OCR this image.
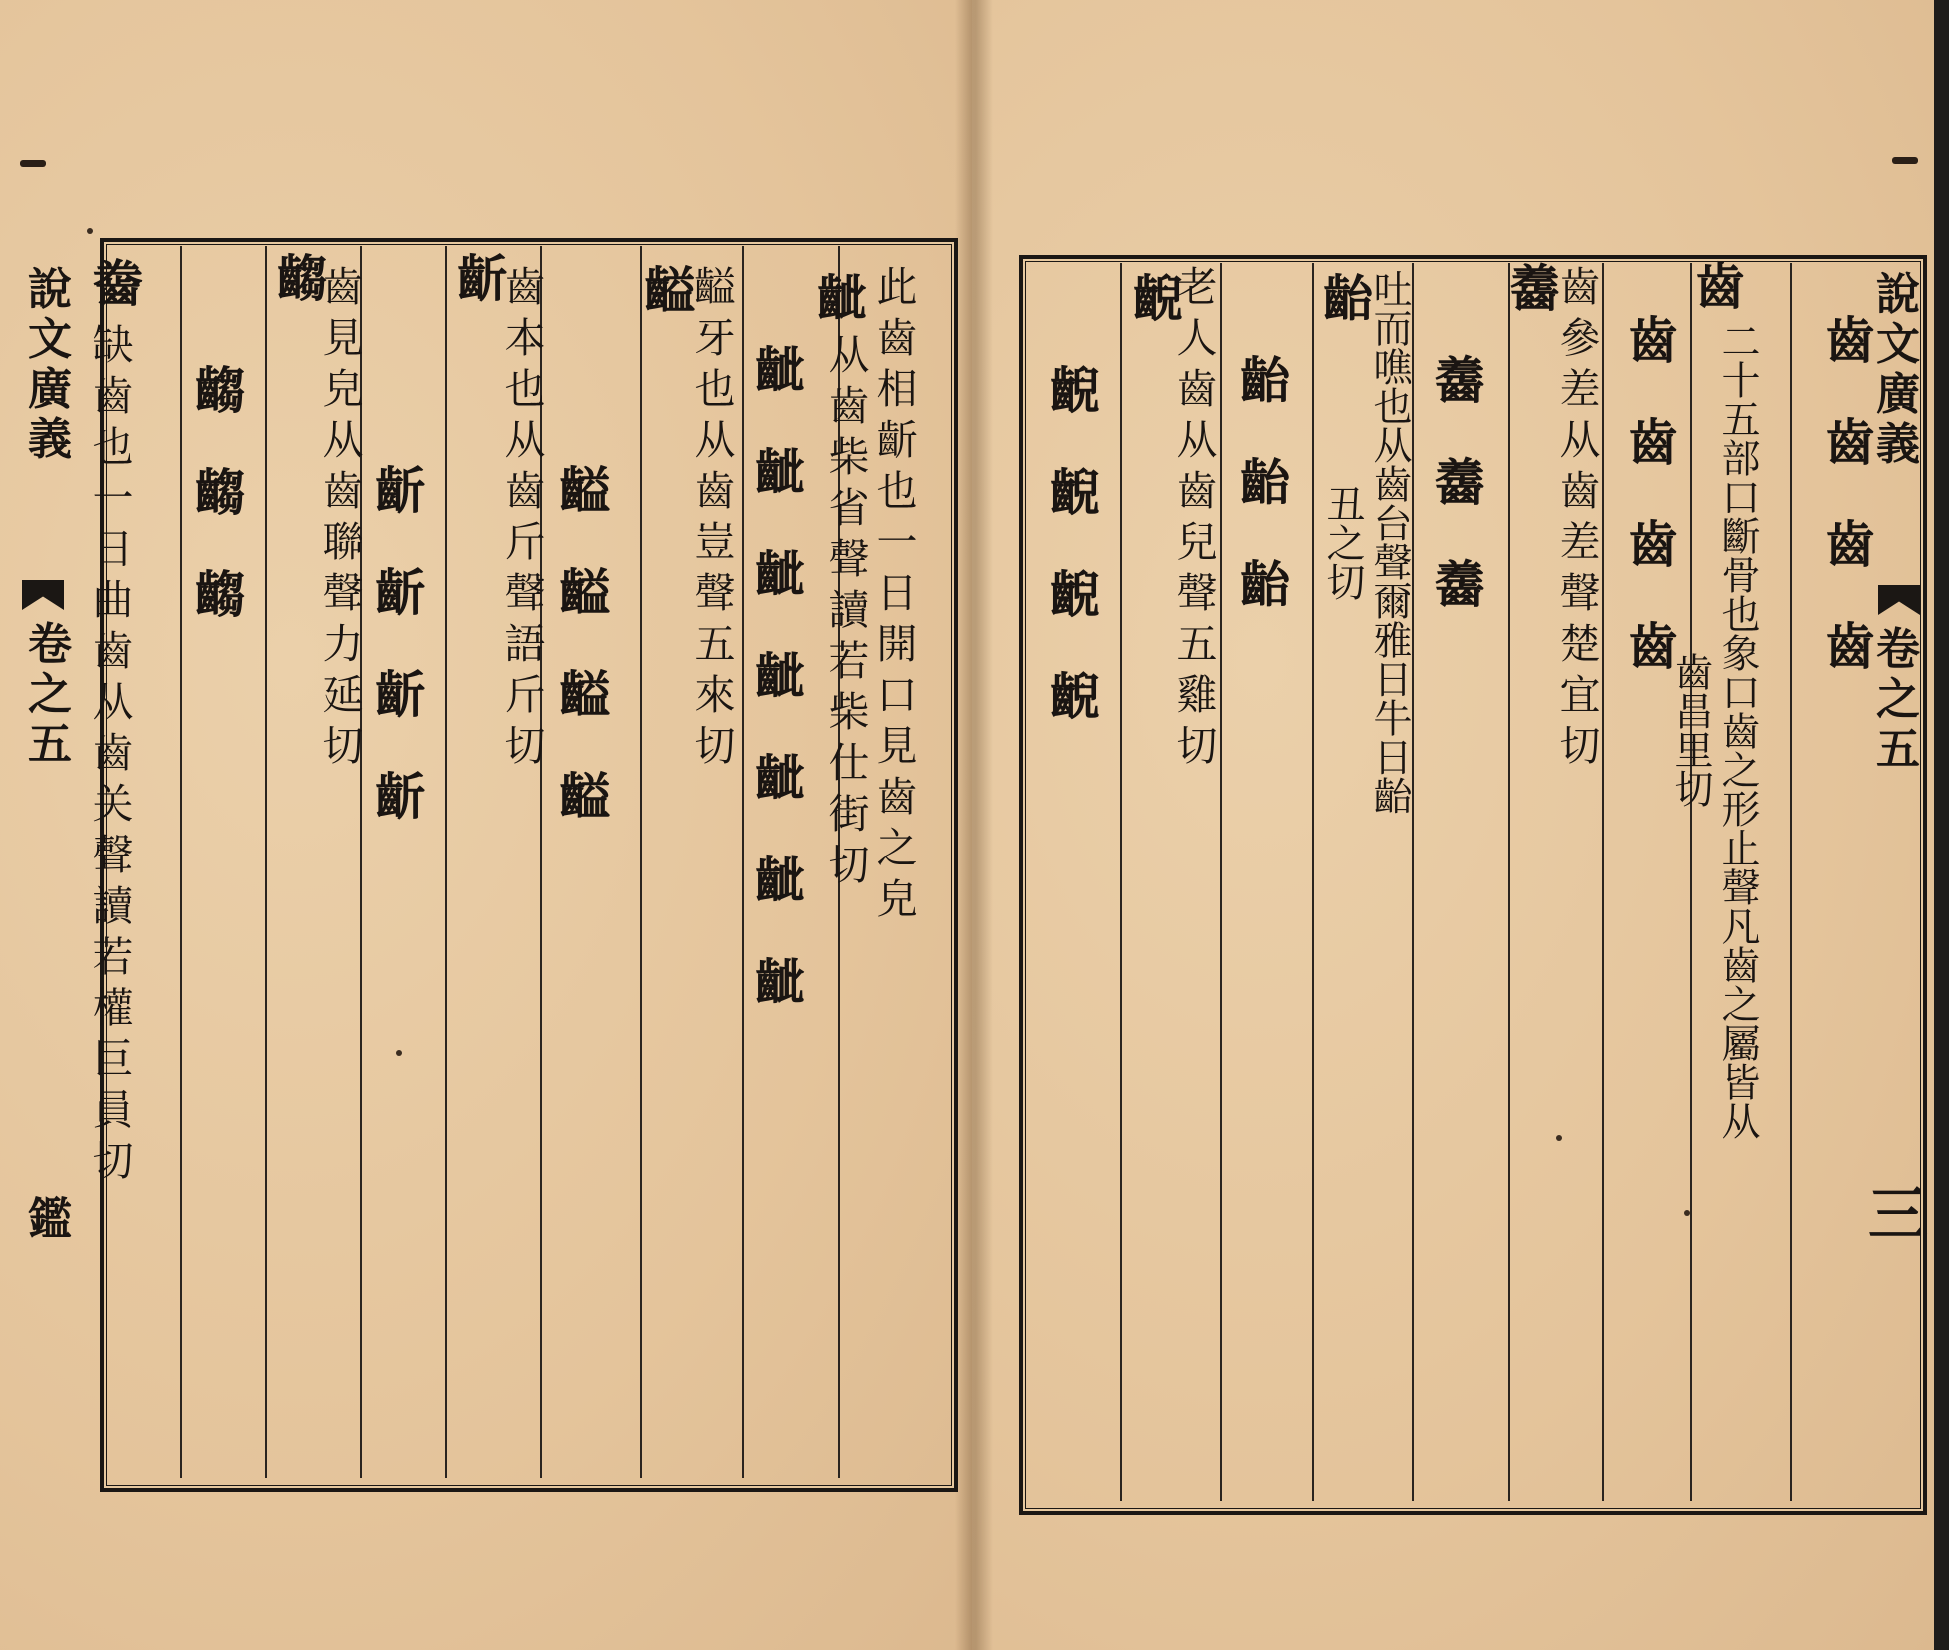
說文廣義
卷之五
鑑
齜 此齒相齗也一日開口見齒之皃
从齒柴省聲讀若柴仕街切
齜齜齜齜齜齜齜
齸 齸牙也从齒豈聲五來切
齸齸齸齸
齗
齒本也从齒斤聲語斤切
齗齗齗齗
齺
齒見皃从齒聯聲力延切
齺齺齺
齤
缺齒也一日曲齒从齒关聲讀若權巨員切
說文廣義
卷之五
三
齒齒齒齒
齒
二十五部口斷骨也象口齒之形止聲凡齒之屬皆从齒昌里切
齒齒齒齒
齹 齒參差从齒差聲楚宜切
齹齹齹
齝
吐而噍也从齒台聲爾雅日牛日齝丑之切
齝齝齝
齯
老人齒从齒兒聲五雞切
齯齯齯齯
